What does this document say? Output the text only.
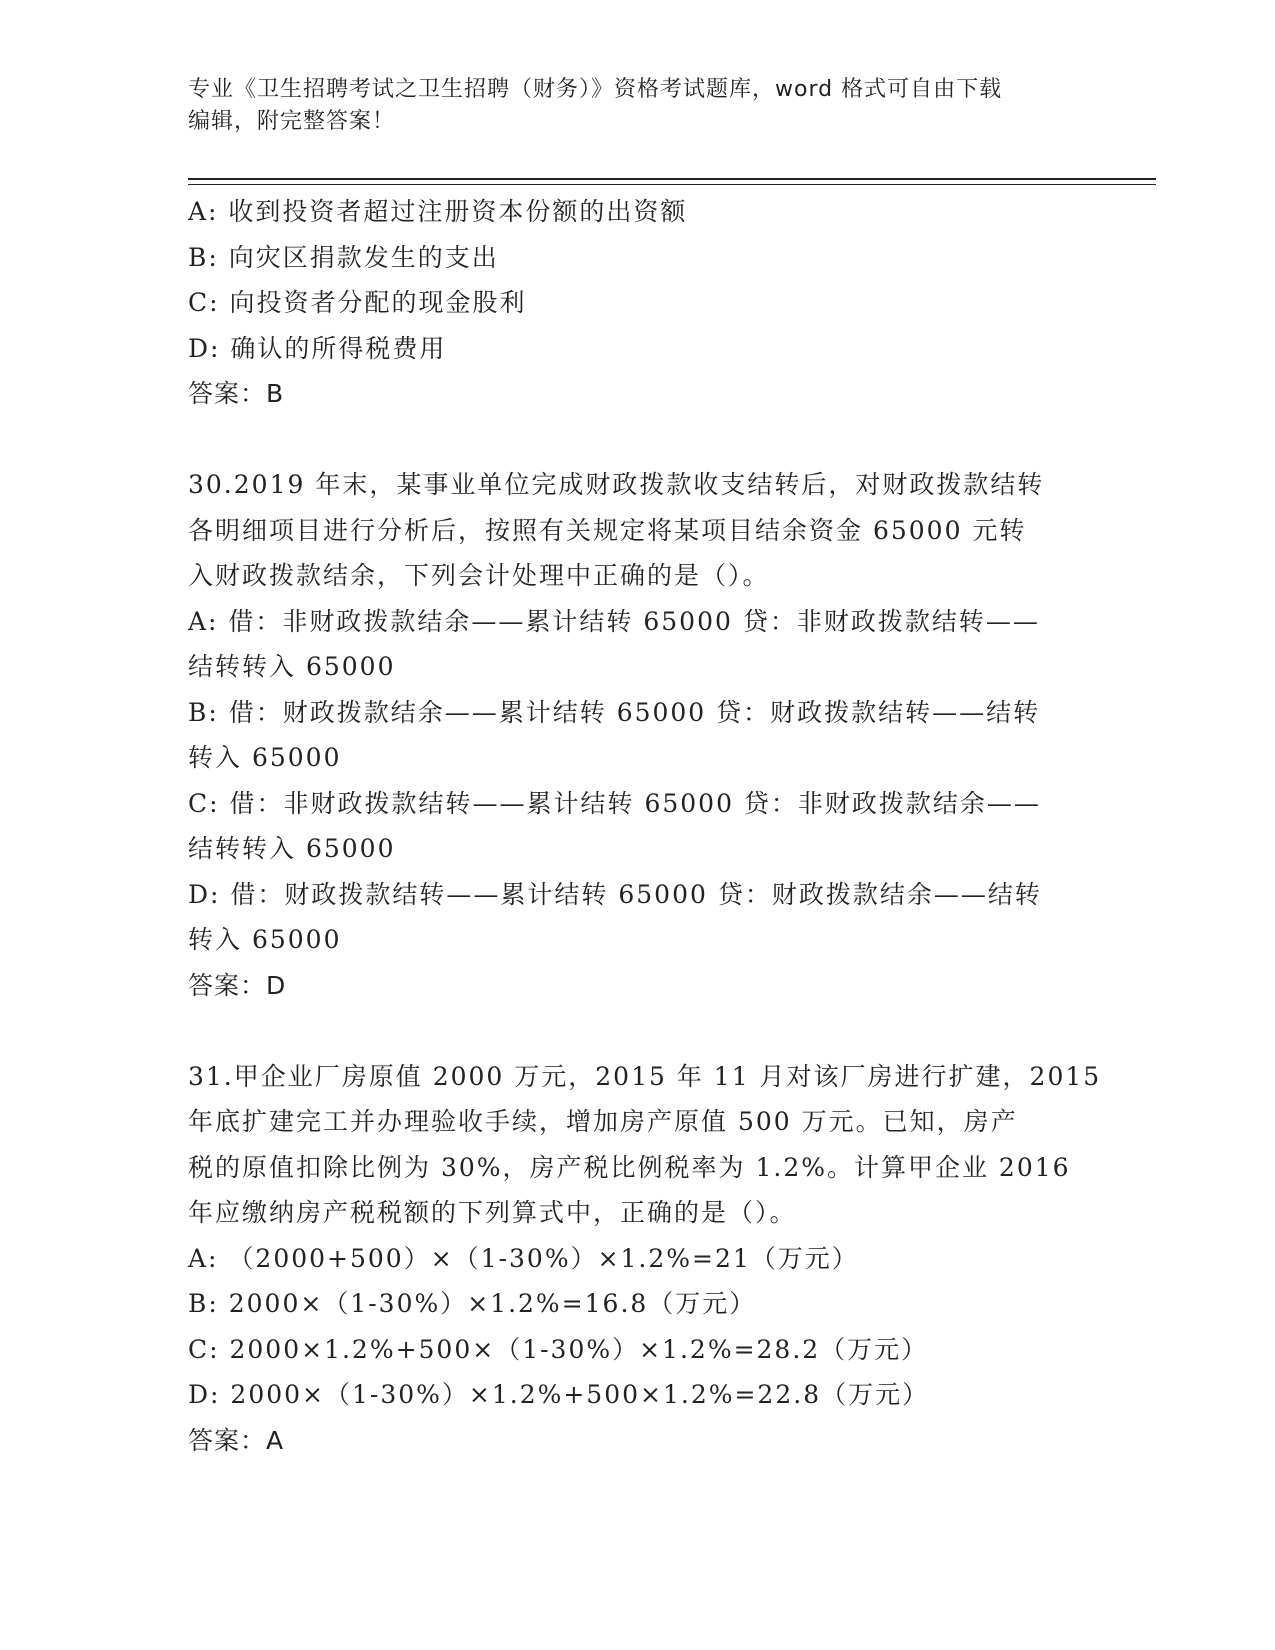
专业《卫生招聘考试之卫生招聘（财务）》资格考试题库，word 格式可自由下载
编辑，附完整答案！
A: 收到投资者超过注册资本份额的出资额
B: 向灾区捐款发生的支出
C: 向投资者分配的现金股利
D: 确认的所得税费用
答案：B
30.2019 年末，某事业单位完成财政拨款收支结转后，对财政拨款结转
各明细项目进行分析后，按照有关规定将某项目结余资金 65000 元转
入财政拨款结余，下列会计处理中正确的是（）。
A: 借：非财政拨款结余——累计结转 65000 贷：非财政拨款结转——
结转转入 65000
B: 借：财政拨款结余——累计结转 65000 贷：财政拨款结转——结转
转入 65000
C: 借：非财政拨款结转——累计结转 65000 贷：非财政拨款结余——
结转转入 65000
D: 借：财政拨款结转——累计结转 65000 贷：财政拨款结余——结转
转入 65000
答案：D
31.甲企业厂房原值 2000 万元，2015 年 11 月对该厂房进行扩建，2015
年底扩建完工并办理验收手续，增加房产原值 500 万元。已知，房产
税的原值扣除比例为 30%，房产税比例税率为 1.2%。计算甲企业 2016
年应缴纳房产税税额的下列算式中，正确的是（）。
A: （2000+500）×（1-30%）×1.2%=21（万元）
B: 2000×（1-30%）×1.2%=16.8（万元）
C: 2000×1.2%+500×（1-30%）×1.2%=28.2（万元）
D: 2000×（1-30%）×1.2%+500×1.2%=22.8（万元）
答案：A
